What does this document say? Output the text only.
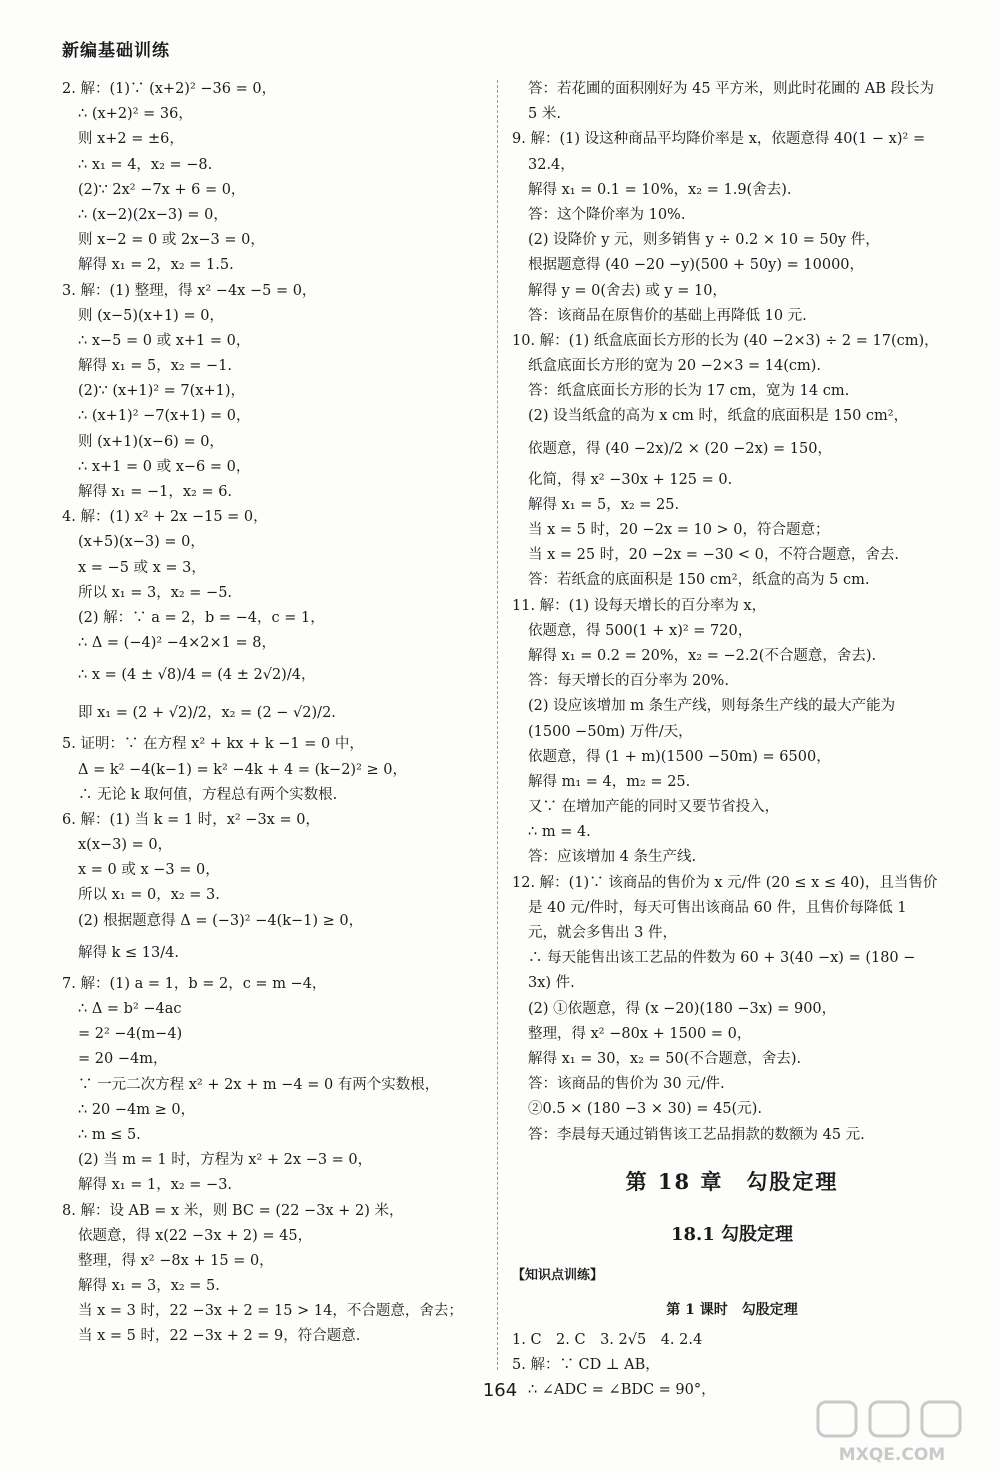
新编基础训练
2. 解：(1)∵ (x+2)² −36 = 0，
∴ (x+2)² = 36，
则 x+2 = ±6，
∴ x₁ = 4，x₂ = −8.
(2)∵ 2x² −7x + 6 = 0，
∴ (x−2)(2x−3) = 0，
则 x−2 = 0 或 2x−3 = 0，
解得 x₁ = 2，x₂ = 1.5.
3. 解：(1) 整理，得 x² −4x −5 = 0，
则 (x−5)(x+1) = 0，
∴ x−5 = 0 或 x+1 = 0，
解得 x₁ = 5，x₂ = −1.
(2)∵ (x+1)² = 7(x+1)，
∴ (x+1)² −7(x+1) = 0，
则 (x+1)(x−6) = 0，
∴ x+1 = 0 或 x−6 = 0，
解得 x₁ = −1，x₂ = 6.
4. 解：(1) x² + 2x −15 = 0，
(x+5)(x−3) = 0，
x = −5 或 x = 3，
所以 x₁ = 3，x₂ = −5.
(2) 解：∵ a = 2，b = −4，c = 1，
∴ Δ = (−4)² −4×2×1 = 8，
∴ x = (4 ± √8)/4 = (4 ± 2√2)/4，
即 x₁ = (2 + √2)/2，x₂ = (2 − √2)/2.
5. 证明：∵ 在方程 x² + kx + k −1 = 0 中，
Δ = k² −4(k−1) = k² −4k + 4 = (k−2)² ≥ 0，
∴ 无论 k 取何值，方程总有两个实数根.
6. 解：(1) 当 k = 1 时，x² −3x = 0，
x(x−3) = 0，
x = 0 或 x −3 = 0，
所以 x₁ = 0，x₂ = 3.
(2) 根据题意得 Δ = (−3)² −4(k−1) ≥ 0，
解得 k ≤ 13/4.
7. 解：(1) a = 1，b = 2，c = m −4，
∴ Δ = b² −4ac
= 2² −4(m−4)
= 20 −4m，
∵ 一元二次方程 x² + 2x + m −4 = 0 有两个实数根，
∴ 20 −4m ≥ 0，
∴ m ≤ 5.
(2) 当 m = 1 时，方程为 x² + 2x −3 = 0，
解得 x₁ = 1，x₂ = −3.
8. 解：设 AB = x 米，则 BC = (22 −3x + 2) 米，
依题意，得 x(22 −3x + 2) = 45，
整理，得 x² −8x + 15 = 0，
解得 x₁ = 3，x₂ = 5.
当 x = 3 时，22 −3x + 2 = 15 > 14，不合题意，舍去；
当 x = 5 时，22 −3x + 2 = 9，符合题意.
答：若花圃的面积刚好为 45 平方米，则此时花圃的 AB 段长为
5 米.
9. 解：(1) 设这种商品平均降价率是 x，依题意得 40(1 − x)² =
32.4，
解得 x₁ = 0.1 = 10%，x₂ = 1.9(舍去).
答：这个降价率为 10%.
(2) 设降价 y 元，则多销售 y ÷ 0.2 × 10 = 50y 件，
根据题意得 (40 −20 −y)(500 + 50y) = 10000，
解得 y = 0(舍去) 或 y = 10，
答：该商品在原售价的基础上再降低 10 元.
10. 解：(1) 纸盒底面长方形的长为 (40 −2×3) ÷ 2 = 17(cm)，
纸盒底面长方形的宽为 20 −2×3 = 14(cm).
答：纸盒底面长方形的长为 17 cm，宽为 14 cm.
(2) 设当纸盒的高为 x cm 时，纸盒的底面积是 150 cm²，
依题意，得 (40 −2x)/2 × (20 −2x) = 150，
化简，得 x² −30x + 125 = 0.
解得 x₁ = 5，x₂ = 25.
当 x = 5 时，20 −2x = 10 > 0，符合题意；
当 x = 25 时，20 −2x = −30 < 0，不符合题意，舍去.
答：若纸盒的底面积是 150 cm²，纸盒的高为 5 cm.
11. 解：(1) 设每天增长的百分率为 x，
依题意，得 500(1 + x)² = 720，
解得 x₁ = 0.2 = 20%，x₂ = −2.2(不合题意，舍去).
答：每天增长的百分率为 20%.
(2) 设应该增加 m 条生产线，则每条生产线的最大产能为
(1500 −50m) 万件/天，
依题意，得 (1 + m)(1500 −50m) = 6500，
解得 m₁ = 4，m₂ = 25.
又∵ 在增加产能的同时又要节省投入，
∴ m = 4.
答：应该增加 4 条生产线.
12. 解：(1)∵ 该商品的售价为 x 元/件 (20 ≤ x ≤ 40)，且当售价
是 40 元/件时，每天可售出该商品 60 件，且售价每降低 1
元，就会多售出 3 件，
∴ 每天能售出该工艺品的件数为 60 + 3(40 −x) = (180 −
3x) 件.
(2) ①依题意，得 (x −20)(180 −3x) = 900，
整理，得 x² −80x + 1500 = 0，
解得 x₁ = 30，x₂ = 50(不合题意，舍去).
答：该商品的售价为 30 元/件.
②0.5 × (180 −3 × 30) = 45(元).
答：李晨每天通过销售该工艺品捐款的数额为 45 元.
第 18 章　勾股定理
18.1 勾股定理
【知识点训练】
第 1 课时　勾股定理
1. C　2. C　3. 2√5　4. 2.4
5. 解：∵ CD ⊥ AB，
∴ ∠ADC = ∠BDC = 90°，
164
MXQE.COM
